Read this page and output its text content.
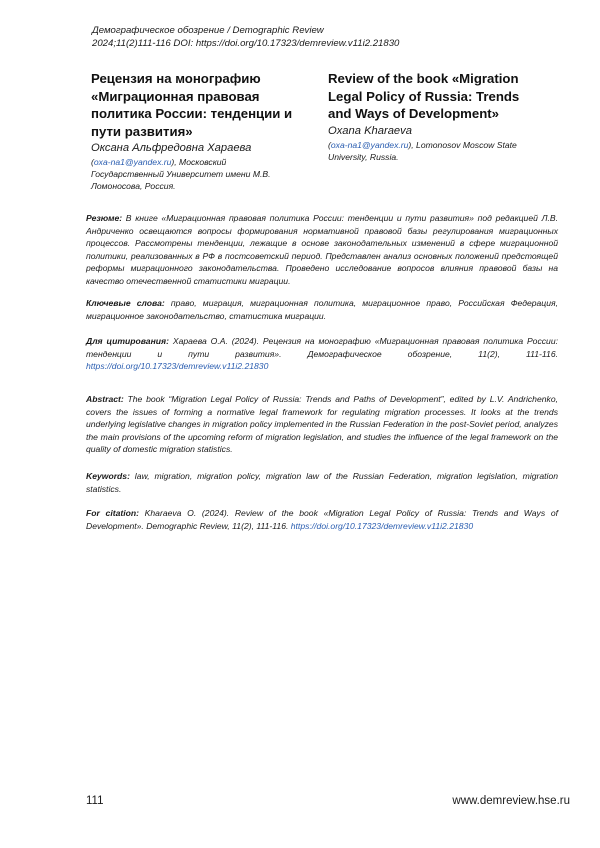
Демографическое обозрение / Demographic Review
2024;11(2)111-116 DOI: https://doi.org/10.17323/demreview.v11i2.21830
Рецензия на монографию «Миграционная правовая политика России: тенденции и пути развития»
Оксана Альфредовна Хараева
(oxa-na1@yandex.ru), Московский Государственный Университет имени М.В. Ломоносова, Россия.
Review of the book «Migration Legal Policy of Russia: Trends and Ways of Development»
Oxana Kharaeva
(oxa-na1@yandex.ru), Lomonosov Moscow State University, Russia.
Резюме: В книге «Миграционная правовая политика России: тенденции и пути развития» под редакцией Л.В. Андриченко освещаются вопросы формирования нормативной правовой базы регулирования миграционных процессов. Рассмотрены тенденции, лежащие в основе законодательных изменений в сфере миграционной политики, реализованных в РФ в постсоветский период. Представлен анализ основных положений предстоящей реформы миграционного законодательства. Проведено исследование вопросов влияния правовой базы на качество отечественной статистики миграции.
Ключевые слова: право, миграция, миграционная политика, миграционное право, Российская Федерация, миграционное законодательство, статистика миграции.
Для цитирования: Хараева О.А. (2024). Рецензия на монографию «Миграционная правовая политика России: тенденции и пути развития». Демографическое обозрение, 11(2), 111-116. https://doi.org/10.17323/demreview.v11i2.21830
Abstract: The book “Migration Legal Policy of Russia: Trends and Paths of Development”, edited by L.V. Andrichenko, covers the issues of forming a normative legal framework for regulating migration processes. It looks at the trends underlying legislative changes in migration policy implemented in the Russian Federation in the post-Soviet period, analyzes the main provisions of the upcoming reform of migration legislation, and studies the influence of the legal framework on the quality of domestic migration statistics.
Keywords: law, migration, migration policy, migration law of the Russian Federation, migration legislation, migration statistics.
For citation: Kharaeva O. (2024). Review of the book «Migration Legal Policy of Russia: Trends and Ways of Development». Demographic Review, 11(2), 111-116. https://doi.org/10.17323/demreview.v11i2.21830
111	www.demreview.hse.ru
